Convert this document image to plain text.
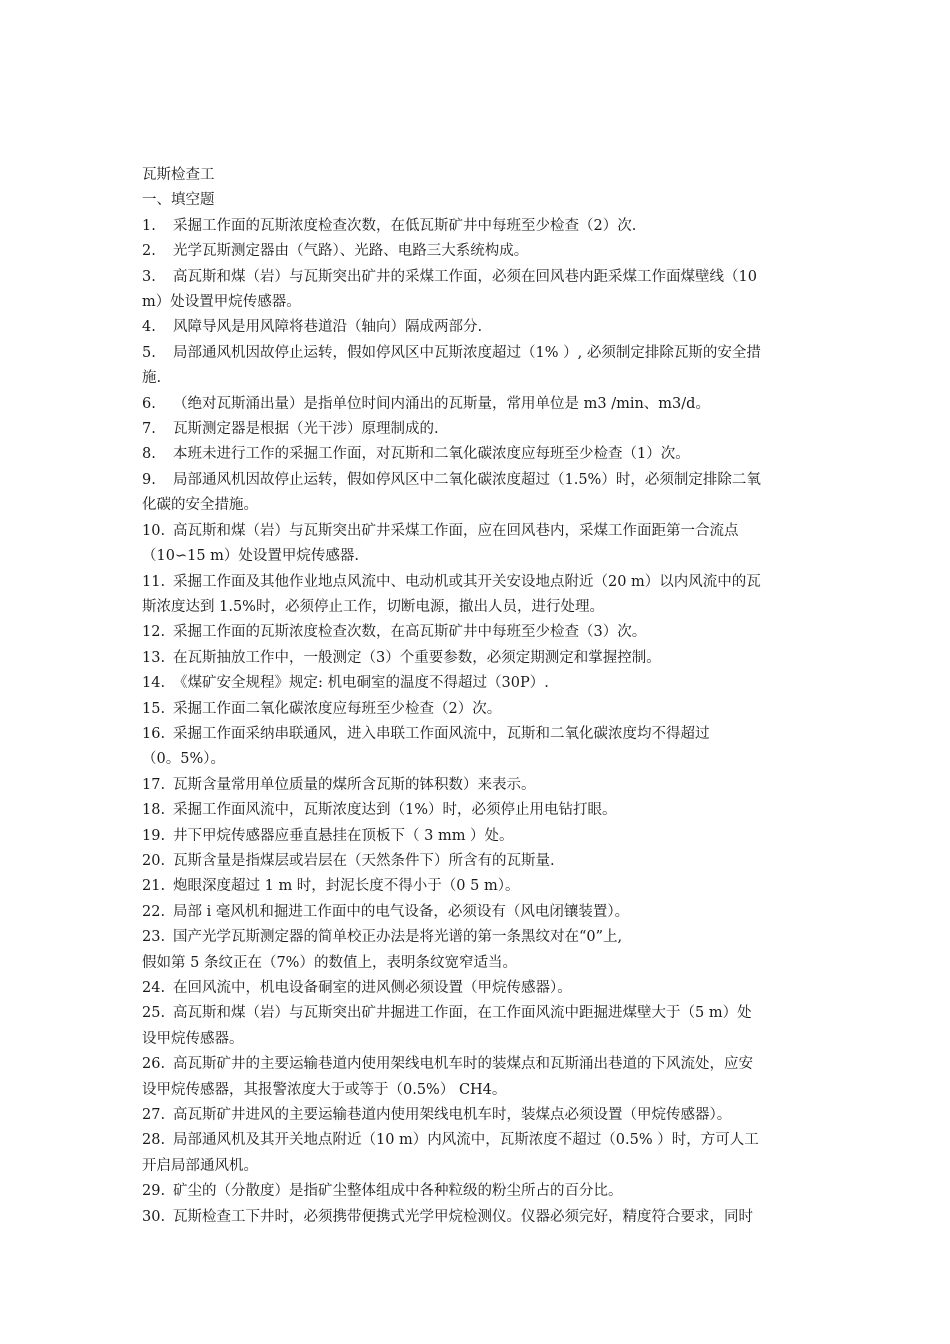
瓦斯检查工
一、填空题
1. 采掘工作面的瓦斯浓度检查次数，在低瓦斯矿井中每班至少检查（2）次.
2. 光学瓦斯测定器由（气路）、光路、电路三大系统构成。
3. 高瓦斯和煤（岩）与瓦斯突出矿井的采煤工作面，必须在回风巷内距采煤工作面煤壁线（10
m）处设置甲烷传感器。
4. 风障导风是用风障将巷道沿（轴向）隔成两部分.
5. 局部通风机因故停止运转，假如停风区中瓦斯浓度超过（1% ）, 必须制定排除瓦斯的安全措
施.
6. （绝对瓦斯涌出量）是指单位时间内涌出的瓦斯量，常用单位是 m3 /min、m3/d。
7. 瓦斯测定器是根据（光干涉）原理制成的.
8. 本班未进行工作的采掘工作面，对瓦斯和二氧化碳浓度应每班至少检查（1）次。
9. 局部通风机因故停止运转，假如停风区中二氧化碳浓度超过（1.5%）时，必须制定排除二氧
化碳的安全措施。
10. 高瓦斯和煤（岩）与瓦斯突出矿井采煤工作面，应在回风巷内，采煤工作面距第一合流点
（10∽15 m）处设置甲烷传感器.
11. 采掘工作面及其他作业地点风流中、电动机或其开关安设地点附近（20 m）以内风流中的瓦
斯浓度达到 1.5%时，必须停止工作，切断电源，撤出人员，进行处理。
12. 采掘工作面的瓦斯浓度检查次数，在高瓦斯矿井中每班至少检查（3）次。
13. 在瓦斯抽放工作中，一般测定（3）个重要参数，必须定期测定和掌握控制。
14. 《煤矿安全规程》规定: 机电硐室的温度不得超过（30P）.
15. 采掘工作面二氧化碳浓度应每班至少检查（2）次。
16. 采掘工作面采纳串联通风，进入串联工作面风流中，瓦斯和二氧化碳浓度均不得超过
（0。5%）。
17. 瓦斯含量常用单位质量的煤所含瓦斯的钵积数）来表示。
18. 采掘工作面风流中，瓦斯浓度达到（1%）时，必须停止用电钻打眼。
19. 井下甲烷传感器应垂直悬挂在顶板下（ 3 mm ）处。
20. 瓦斯含量是指煤层或岩层在（天然条件下）所含有的瓦斯量.
21. 炮眼深度超过 1 m 时，封泥长度不得小于（0 5 m）。
22. 局部 i 毫风机和掘进工作面中的电气设备，必须设有（风电闭镶装置）。
23. 国产光学瓦斯测定器的简单校正办法是将光谱的第一条黑纹对在“0”上,
假如第 5 条纹正在（7%）的数值上，表明条纹宽窄适当。
24. 在回风流中，机电设备硐室的进风侧必须设置（甲烷传感器）。
25. 高瓦斯和煤（岩）与瓦斯突出矿井掘进工作面，在工作面风流中距掘进煤壁大于（5 m）处
设甲烷传感器。
26. 高瓦斯矿井的主要运输巷道内使用架线电机车时的装煤点和瓦斯涌出巷道的下风流处，应安
设甲烷传感器，其报警浓度大于或等于（0.5%） CH4。
27. 高瓦斯矿井进风的主要运输巷道内使用架线电机车时，装煤点必须设置（甲烷传感器）。
28. 局部通风机及其开关地点附近（10 m）内风流中，瓦斯浓度不超过（0.5% ）时，方可人工
开启局部通风机。
29. 矿尘的（分散度）是指矿尘整体组成中各种粒级的粉尘所占的百分比。
30. 瓦斯检查工下井时，必须携带便携式光学甲烷检测仪。仪器必须完好，精度符合要求，同时
